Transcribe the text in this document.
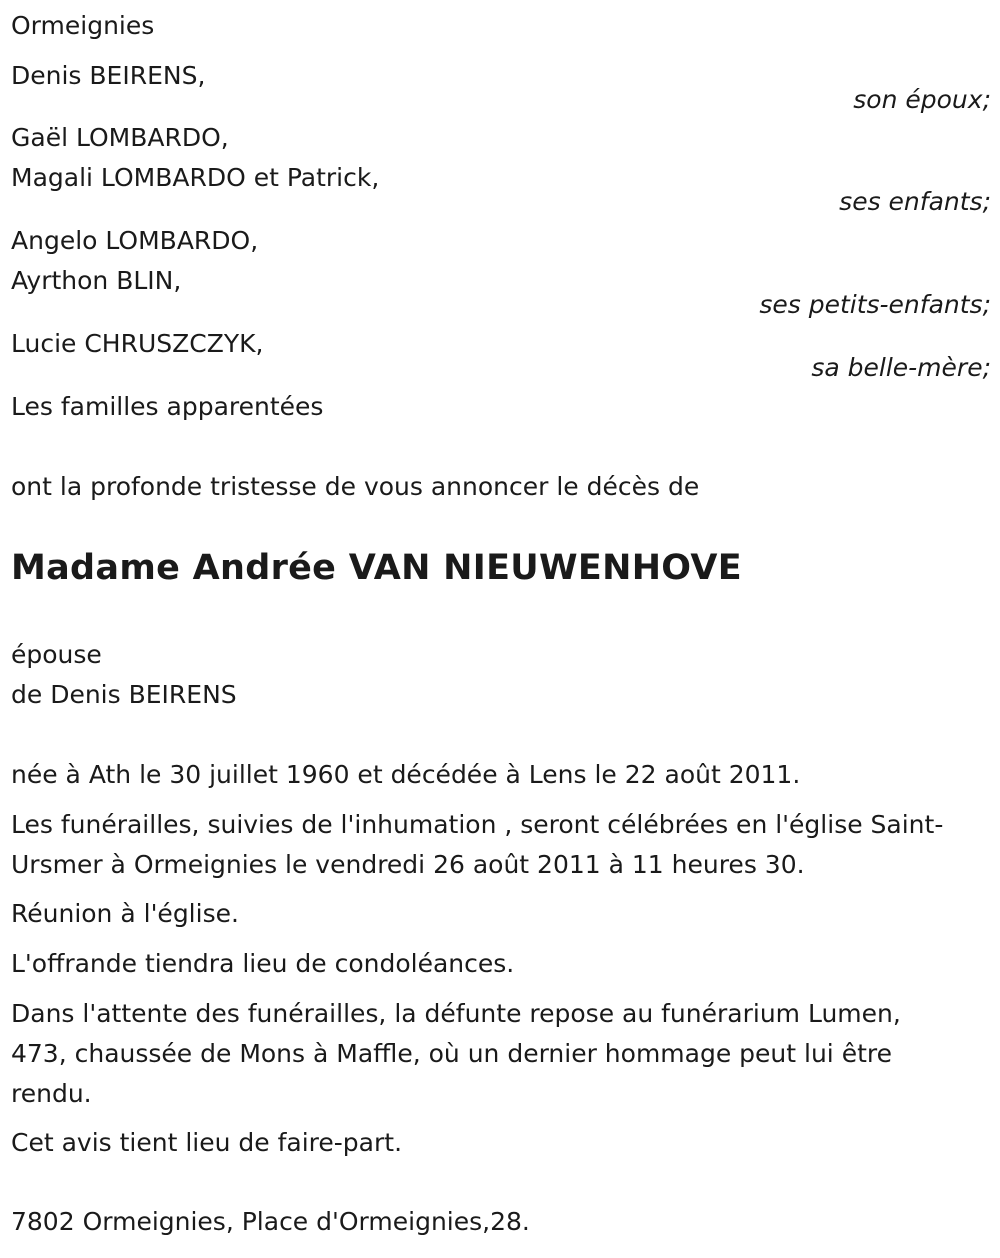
Ormeignies
Denis BEIRENS,
son époux;
Gaël LOMBARDO,
Magali LOMBARDO et Patrick,
ses enfants;
Angelo LOMBARDO,
Ayrthon BLIN,
ses petits-enfants;
Lucie CHRUSZCZYK,
sa belle-mère;
Les familles apparentées
ont la profonde tristesse de vous annoncer le décès de
Madame Andrée VAN NIEUWENHOVE
épouse
de Denis BEIRENS
née à Ath le 30 juillet 1960 et décédée à Lens le 22 août 2011.
Les funérailles, suivies de l'inhumation , seront célébrées en l'église Saint-
Ursmer à Ormeignies le vendredi 26 août 2011 à 11 heures 30.
Réunion à l'église.
L'offrande tiendra lieu de condoléances.
Dans l'attente des funérailles, la défunte repose au funérarium Lumen,
473, chaussée de Mons à Maffle, où un dernier hommage peut lui être
rendu.
Cet avis tient lieu de faire-part.
7802 Ormeignies, Place d'Ormeignies,28.
